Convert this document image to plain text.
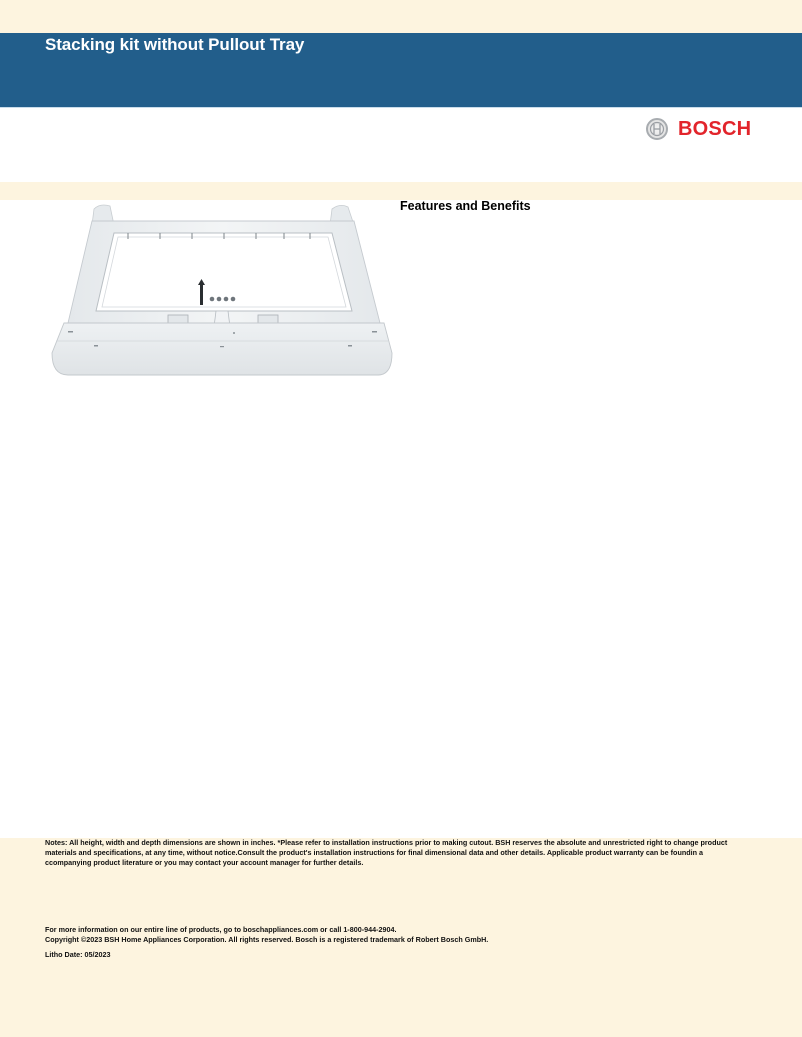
Stacking kit without Pullout Tray
BOSCH
Features and Benefits
Notes: All height, width and depth dimensions are shown in inches. *Please refer to installation instructions prior to making cutout. BSH reserves the absolute and unrestricted right to change product materials and specifications, at any time, without notice.Consult the product's installation instructions for final dimensional data and other details. Applicable product warranty can be foundin a ccompanying product literature or you may contact your account manager for further details.
For more information on our entire line of products, go to boschappliances.com or call 1-800-944-2904.
Copyright ©2023 BSH Home Appliances Corporation. All rights reserved. Bosch is a registered trademark of Robert Bosch GmbH.
Litho Date: 05/2023
